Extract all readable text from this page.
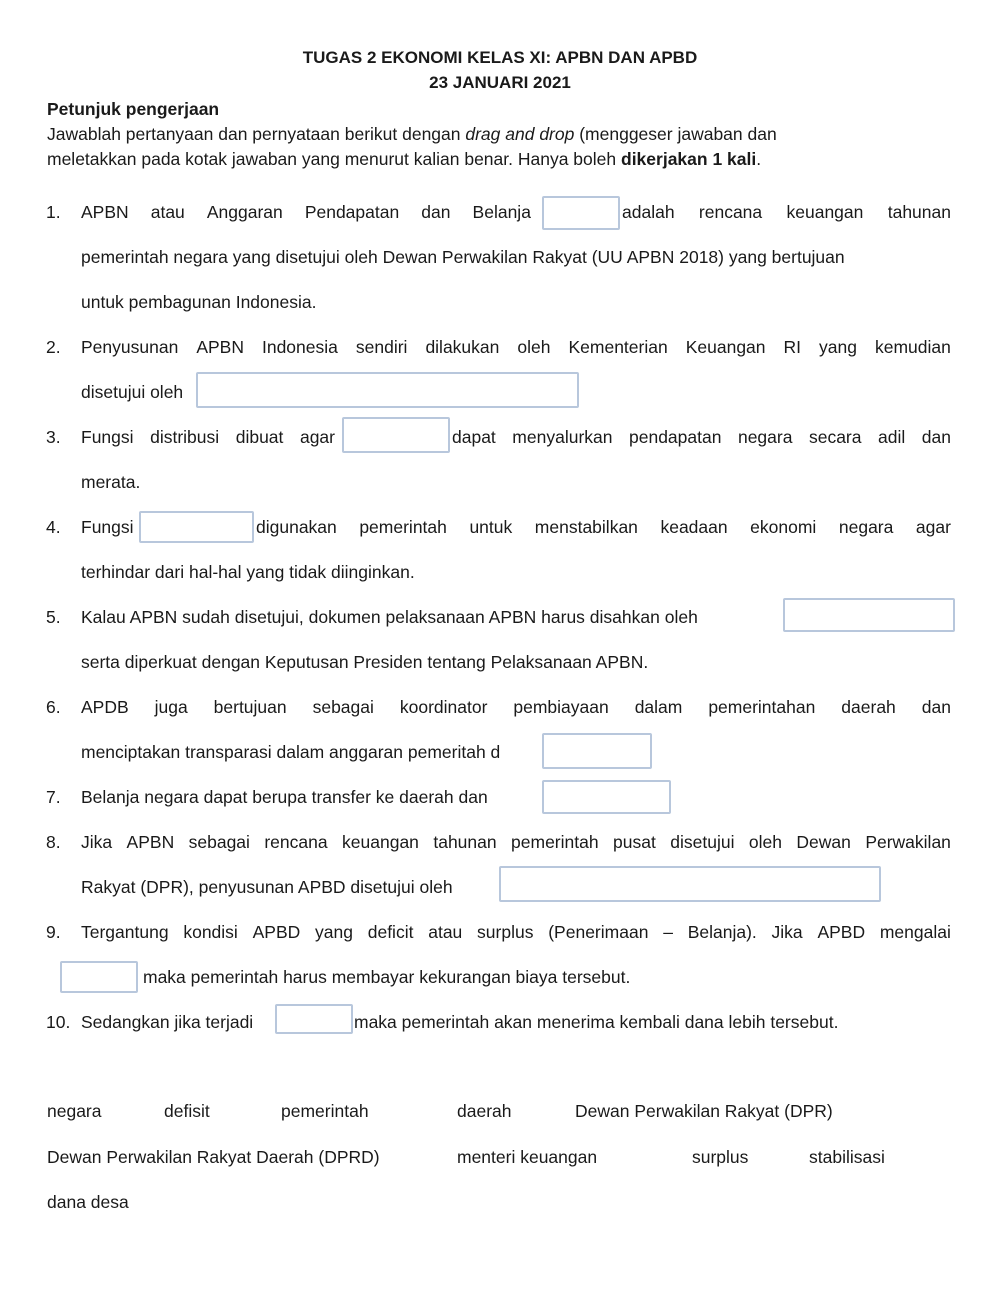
TUGAS 2 EKONOMI KELAS XI: APBN DAN APBD
23 JANUARI 2021
Petunjuk pengerjaan
Jawablah pertanyaan dan pernyataan berikut dengan drag and drop (menggeser jawaban dan
meletakkan pada kotak jawaban yang menurut kalian benar. Hanya boleh dikerjakan 1 kali.
1. APBN atau Anggaran Pendapatan dan Belanja	adalah rencana keuangan tahunan
pemerintah negara yang disetujui oleh Dewan Perwakilan Rakyat (UU APBN 2018) yang bertujuan
untuk pembagunan Indonesia.
2. Penyusunan APBN Indonesia sendiri dilakukan oleh Kementerian Keuangan RI yang kemudian
disetujui oleh
3. Fungsi distribusi dibuat agar	dapat menyalurkan pendapatan negara secara adil dan
merata.
4. Fungsi	digunakan pemerintah untuk menstabilkan keadaan ekonomi negara agar
terhindar dari hal-hal yang tidak diinginkan.
5. Kalau APBN sudah disetujui, dokumen pelaksanaan APBN harus disahkan oleh
serta diperkuat dengan Keputusan Presiden tentang Pelaksanaan APBN.
6. APDB juga bertujuan sebagai koordinator pembiayaan dalam pemerintahan daerah dan
menciptakan transparasi dalam anggaran pemeritah d
7. Belanja negara dapat berupa transfer ke daerah dan
8. Jika APBN sebagai rencana keuangan tahunan pemerintah pusat disetujui oleh Dewan Perwakilan
Rakyat (DPR), penyusunan APBD disetujui oleh
9. Tergantung kondisi APBD yang deficit atau surplus (Penerimaan – Belanja). Jika APBD mengalai
maka pemerintah harus membayar kekurangan biaya tersebut.
10. Sedangkan jika terjadi	maka pemerintah akan menerima kembali dana lebih tersebut.
negara	defisit	pemerintah	daerah	Dewan Perwakilan Rakyat (DPR)
Dewan Perwakilan Rakyat Daerah (DPRD)	menteri keuangan	surplus	stabilisasi
dana desa
